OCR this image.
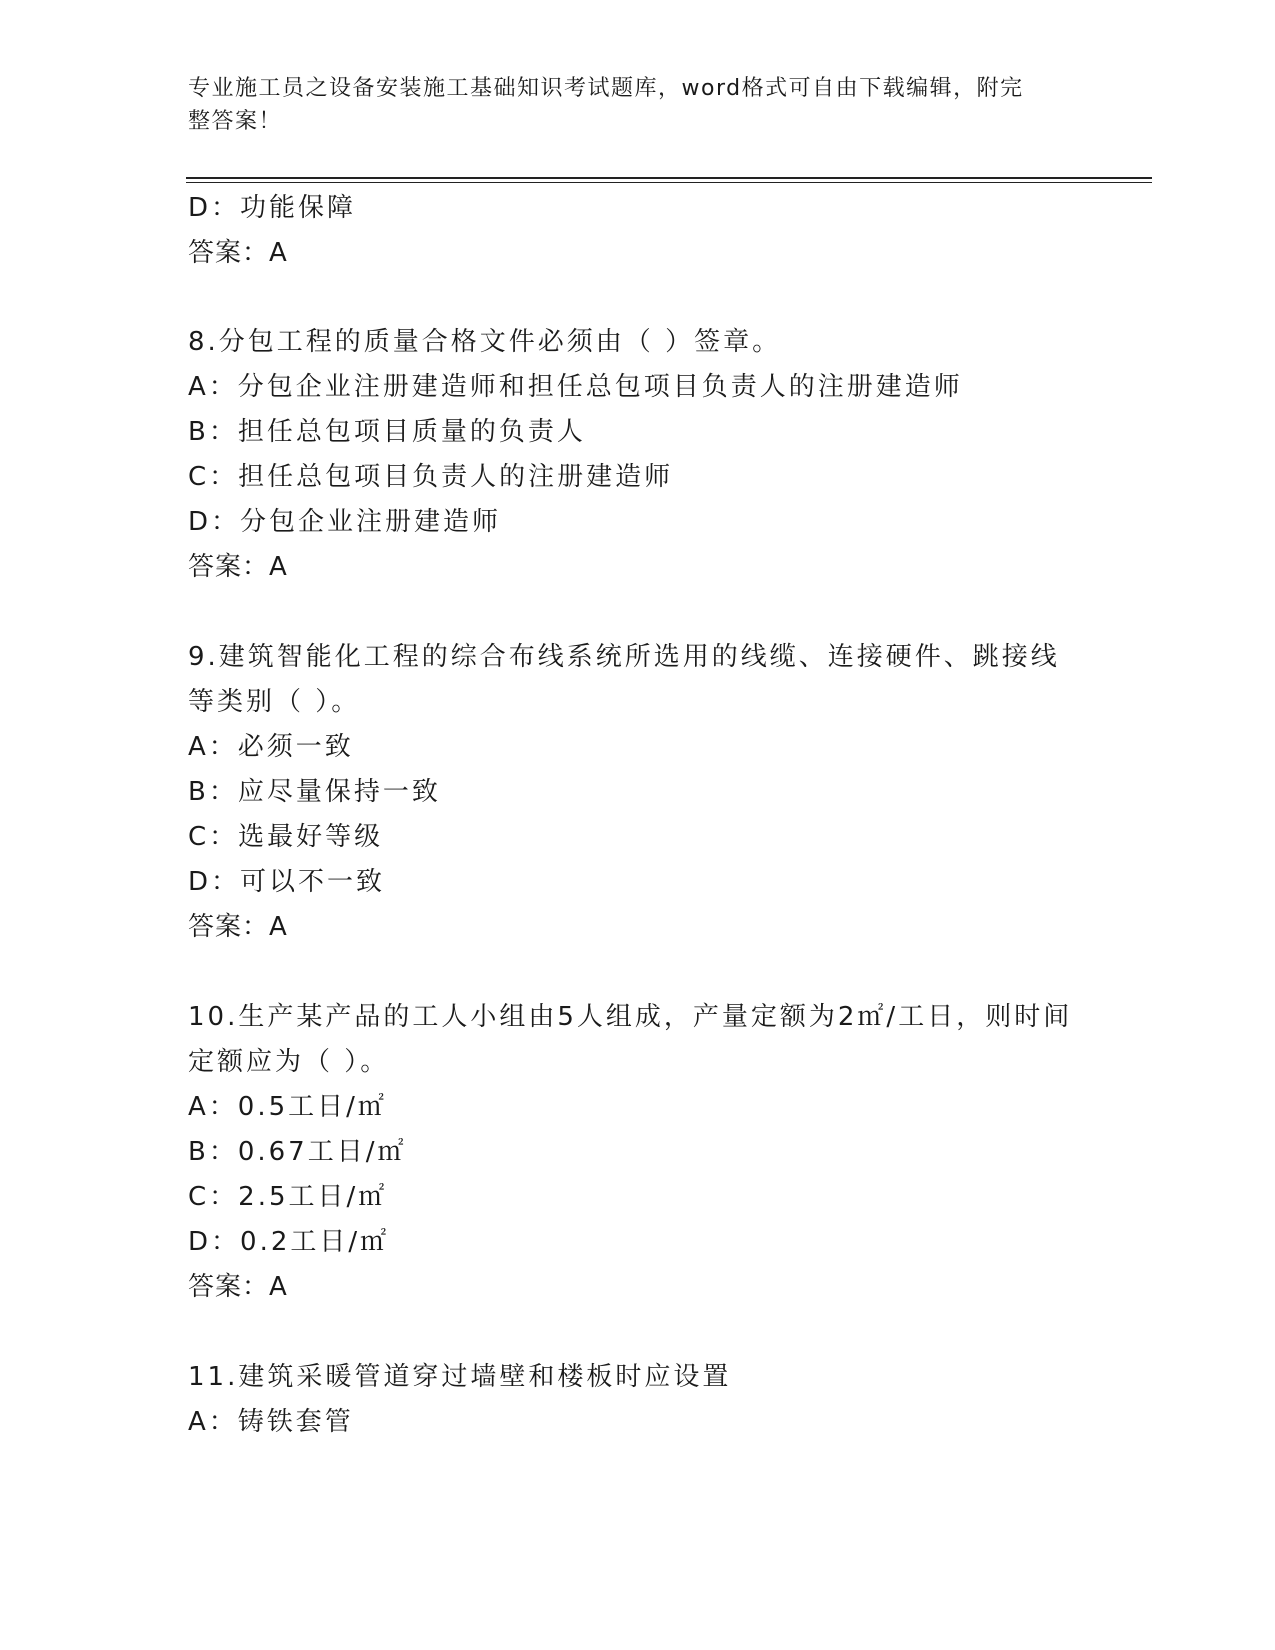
专业施工员之设备安装施工基础知识考试题库，word格式可自由下载编辑，附完
整答案！
D：功能保障
答案：A
8.分包工程的质量合格文件必须由（ ）签章。
A：分包企业注册建造师和担任总包项目负责人的注册建造师
B：担任总包项目质量的负责人
C：担任总包项目负责人的注册建造师
D：分包企业注册建造师
答案：A
9.建筑智能化工程的综合布线系统所选用的线缆、连接硬件、跳接线
等类别（ ）。
A：必须一致
B：应尽量保持一致
C：选最好等级
D：可以不一致
答案：A
10.生产某产品的工人小组由5人组成，产量定额为2㎡/工日，则时间
定额应为（ ）。
A：0.5工日/㎡
B：0.67工日/㎡
C：2.5工日/㎡
D：0.2工日/㎡
答案：A
11.建筑采暖管道穿过墙壁和楼板时应设置
A：铸铁套管
